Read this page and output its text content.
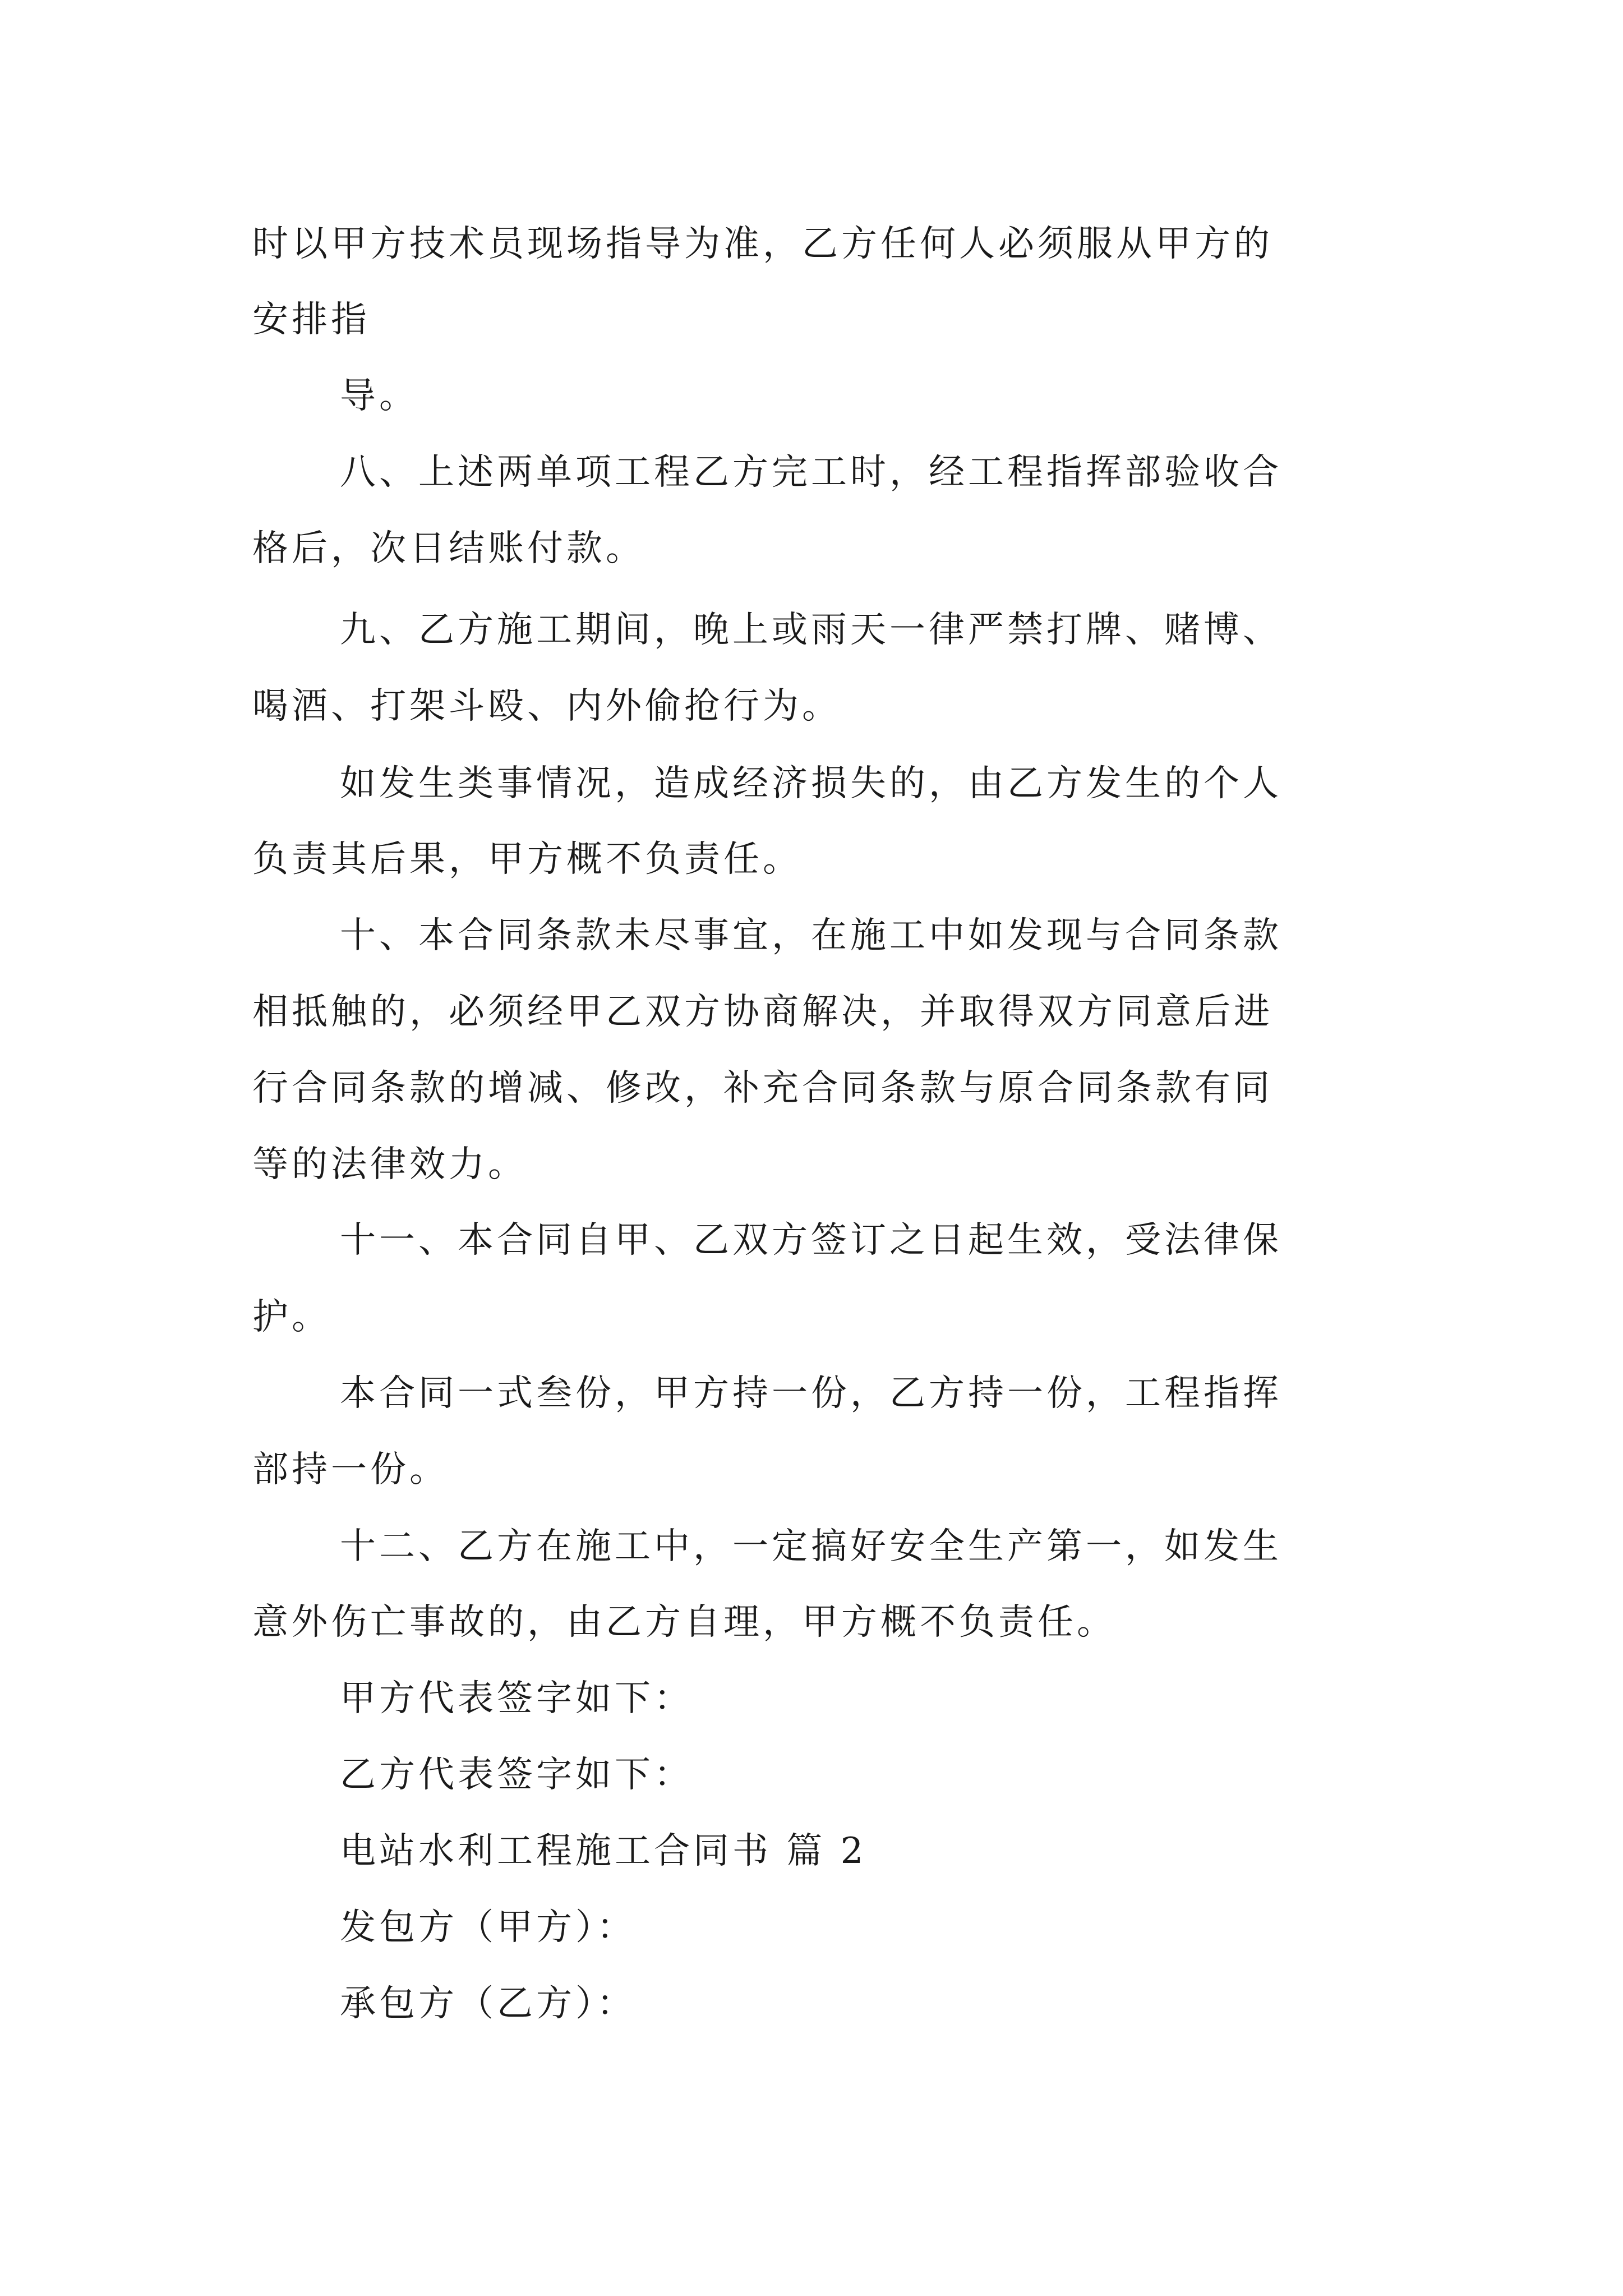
时以甲方技术员现场指导为准，乙方任何人必须服从甲方的
安排指
导。
八、上述两单项工程乙方完工时，经工程指挥部验收合
格后，次日结账付款。
九、乙方施工期间，晚上或雨天一律严禁打牌、赌博、
喝酒、打架斗殴、内外偷抢行为。
如发生类事情况，造成经济损失的，由乙方发生的个人
负责其后果，甲方概不负责任。
十、本合同条款未尽事宜，在施工中如发现与合同条款
相抵触的，必须经甲乙双方协商解决，并取得双方同意后进
行合同条款的增减、修改，补充合同条款与原合同条款有同
等的法律效力。
十一、本合同自甲、乙双方签订之日起生效，受法律保
护。
本合同一式叁份，甲方持一份，乙方持一份，工程指挥
部持一份。
十二、乙方在施工中，一定搞好安全生产第一，如发生
意外伤亡事故的，由乙方自理，甲方概不负责任。
甲方代表签字如下：
乙方代表签字如下：
电站水利工程施工合同书 篇 2
发包方（甲方）：
承包方（乙方）：
